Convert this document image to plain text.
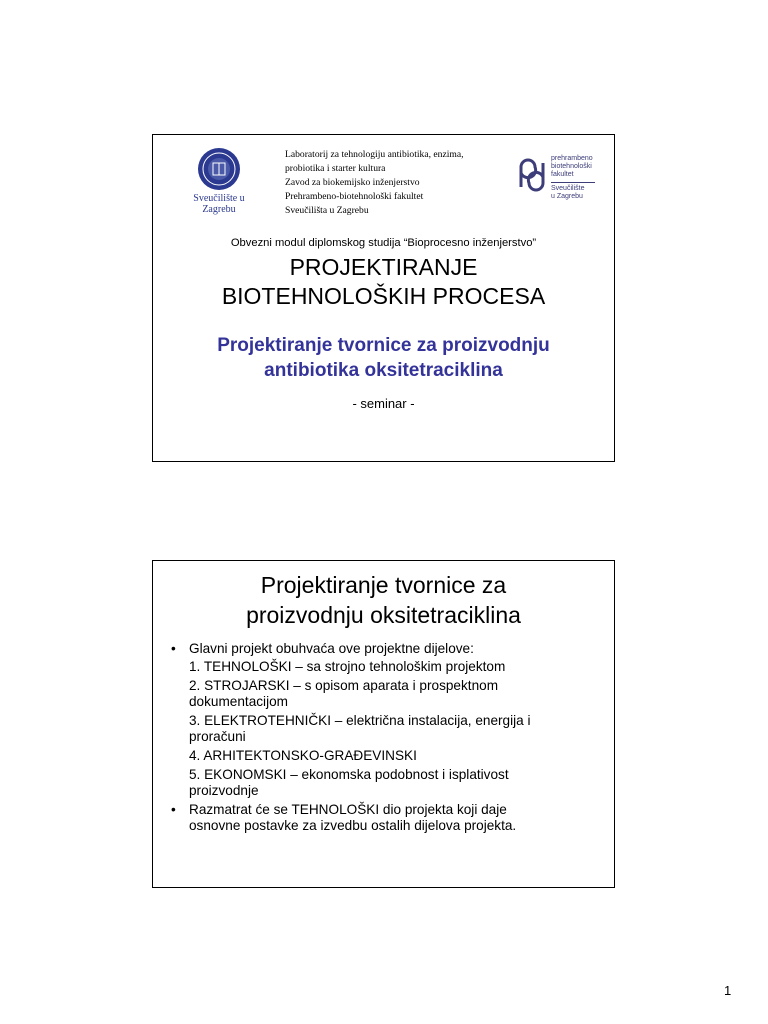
Sveučilište u
Zagrebu
Laboratorij za tehnologiju antibiotika, enzima,
probiotika i starter kultura
Zavod za biokemijsko inženjerstvo
Prehrambeno-biotehnološki fakultet
Sveučilišta u Zagrebu
prehrambeno
biotehnološki
fakultet
Sveučilište
u Zagrebu
Obvezni modul diplomskog studija “Bioprocesno inženjerstvo”
PROJEKTIRANJE
BIOTEHNOLOŠKIH PROCESA
Projektiranje tvornice za proizvodnju
antibiotika oksitetraciklina
- seminar -
Projektiranje tvornice za
proizvodnju oksitetraciklina
• Glavni projekt obuhvaća ove projektne dijelove:
1. TEHNOLOŠKI – sa strojno tehnološkim projektom
2. STROJARSKI – s opisom aparata i prospektnom
dokumentacijom
3. ELEKTROTEHNIČKI – električna instalacija, energija i
proračuni
4. ARHITEKTONSKO-GRAĐEVINSKI
5. EKONOMSKI – ekonomska podobnost i isplativost
proizvodnje
• Razmatrat će se TEHNOLOŠKI dio projekta koji daje
osnovne postavke za izvedbu ostalih dijelova projekta.
1
